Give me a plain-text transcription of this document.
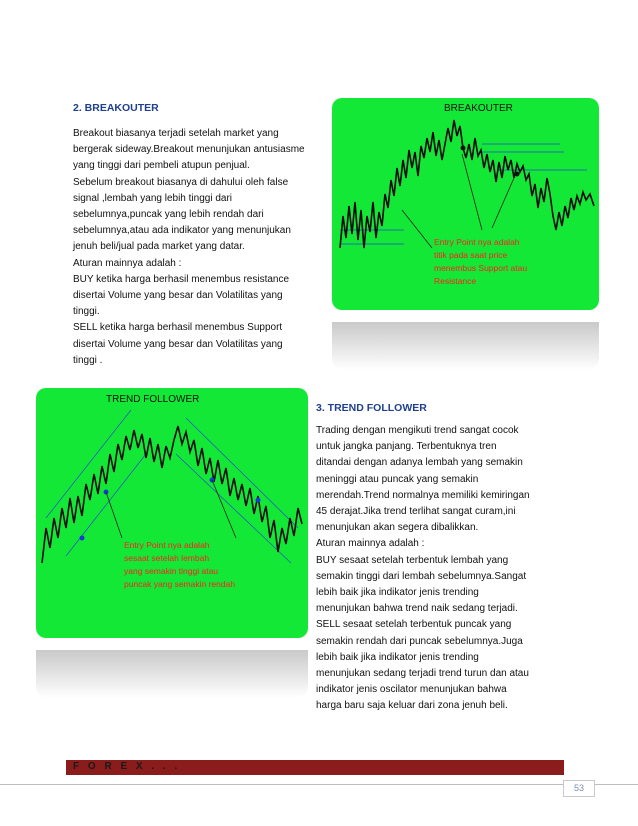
2. BREAKOUTER
Breakout biasanya terjadi setelah market yang
bergerak sideway.Breakout menunjukan antusiasme
yang tinggi dari pembeli atupun penjual.
Sebelum breakout biasanya di dahului oleh false
signal ,lembah yang lebih tinggi dari
sebelumnya,puncak yang lebih rendah dari
sebelumnya,atau ada indikator yang menunjukan
jenuh beli/jual pada market yang datar.
Aturan mainnya adalah :
BUY ketika harga berhasil menembus resistance
disertai Volume yang besar dan Volatilitas yang
tinggi.
SELL ketika harga berhasil menembus Support
disertai Volume yang besar dan Volatilitas yang
tinggi .
BREAKOUTER
Entry Point nya adalah
titik pada saat price
menembus Support atau
Resistance
TREND FOLLOWER
Entry Point nya adalah
sesaat setelah lembah
yang semakin tinggi atau
puncak yang semakin rendah
3. TREND FOLLOWER
Trading dengan mengikuti trend sangat cocok
untuk jangka panjang. Terbentuknya tren
ditandai dengan adanya lembah yang semakin
meninggi atau puncak yang semakin
merendah.Trend normalnya memiliki kemiringan
45 derajat.Jika trend terlihat sangat curam,ini
menunjukan akan segera dibalikkan.
Aturan mainnya adalah :
BUY sesaat setelah terbentuk lembah yang
semakin tinggi dari lembah sebelumnya.Sangat
lebih baik jika indikator jenis trending
menunjukan bahwa trend naik sedang terjadi.
SELL sesaat setelah terbentuk puncak yang
semakin rendah dari puncak sebelumnya.Juga
lebih baik jika indikator jenis trending
menunjukan sedang terjadi trend turun dan atau
indikator jenis oscilator menunjukan bahwa
harga baru saja keluar dari zona jenuh beli.
F O R E X . . .
53
